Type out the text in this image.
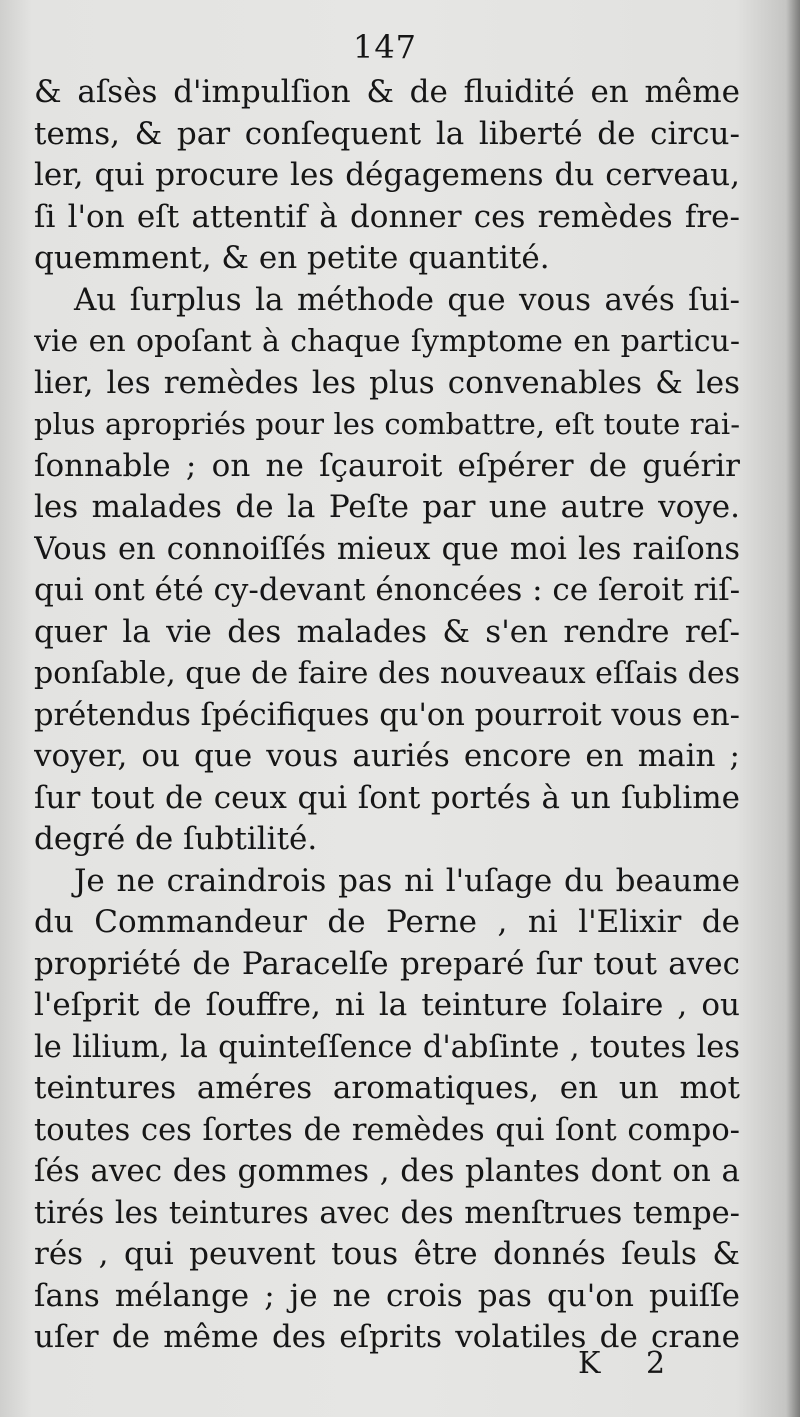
147
& aſsès d'impulſion & de fluidité en même
tems, & par conſequent la liberté de circu-
ler, qui procure les dégagemens du cerveau,
ſi l'on eſt attentif à donner ces remèdes fre-
quemment, & en petite quantité.
Au ſurplus la méthode que vous avés ſui-
vie en opoſant à chaque ſymptome en particu-
lier, les remèdes les plus convenables & les
plus apropriés pour les combattre, eſt toute rai-
ſonnable ; on ne ſçauroit eſpérer de guérir
les malades de la Peſte par une autre voye.
Vous en connoiſſés mieux que moi les raiſons
qui ont été cy-devant énoncées : ce ſeroit riſ-
quer la vie des malades & s'en rendre reſ-
ponſable, que de faire des nouveaux eſſais des
prétendus ſpécifiques qu'on pourroit vous en-
voyer, ou que vous auriés encore en main ;
ſur tout de ceux qui ſont portés à un ſublime
degré de ſubtilité.
Je ne craindrois pas ni l'uſage du beaume
du Commandeur de Perne , ni l'Elixir de
propriété de Paracelſe preparé ſur tout avec
l'eſprit de ſouffre, ni la teinture ſolaire , ou
le lilium, la quinteſſence d'abſinte , toutes les
teintures améres aromatiques, en un mot
toutes ces ſortes de remèdes qui ſont compo-
ſés avec des gommes , des plantes dont on a
tirés les teintures avec des menſtrues tempe-
rés , qui peuvent tous être donnés ſeuls &
ſans mélange ; je ne crois pas qu'on puiſſe
uſer de même des eſprits volatiles de crane
K 2
